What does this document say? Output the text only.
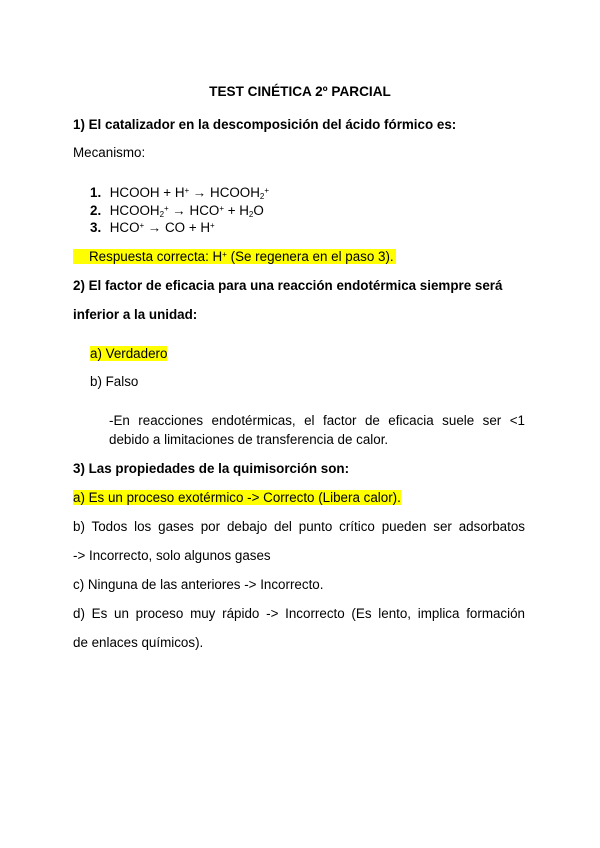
TEST CINÉTICA 2º PARCIAL
1) El catalizador en la descomposición del ácido fórmico es:
Mecanismo:
1. HCOOH + $H^+ \to HCOOH_2^+$
2. $HCOOH_2^+ \to HCO^+ + H_2O$
3. HCO+ → CO + H+
Respuesta correcta: H+ (Se regenera en el paso 3).
2) El factor de eficacia para una reacción endotérmica siempre será
inferior a la unidad:
a) Verdadero
b) Falso
-En reacciones endotérmicas, el factor de eficacia suele ser <1
debido a limitaciones de transferencia de calor.
3) Las propiedades de la quimisorción son:
a) Es un proceso exotérmico -> Correcto (Libera calor).
b) Todos los gases por debajo del punto crítico pueden ser adsorbatos
-> Incorrecto, solo algunos gases
c) Ninguna de las anteriores -> Incorrecto.
d) Es un proceso muy rápido -> Incorrecto (Es lento, implica formación
de enlaces químicos).
